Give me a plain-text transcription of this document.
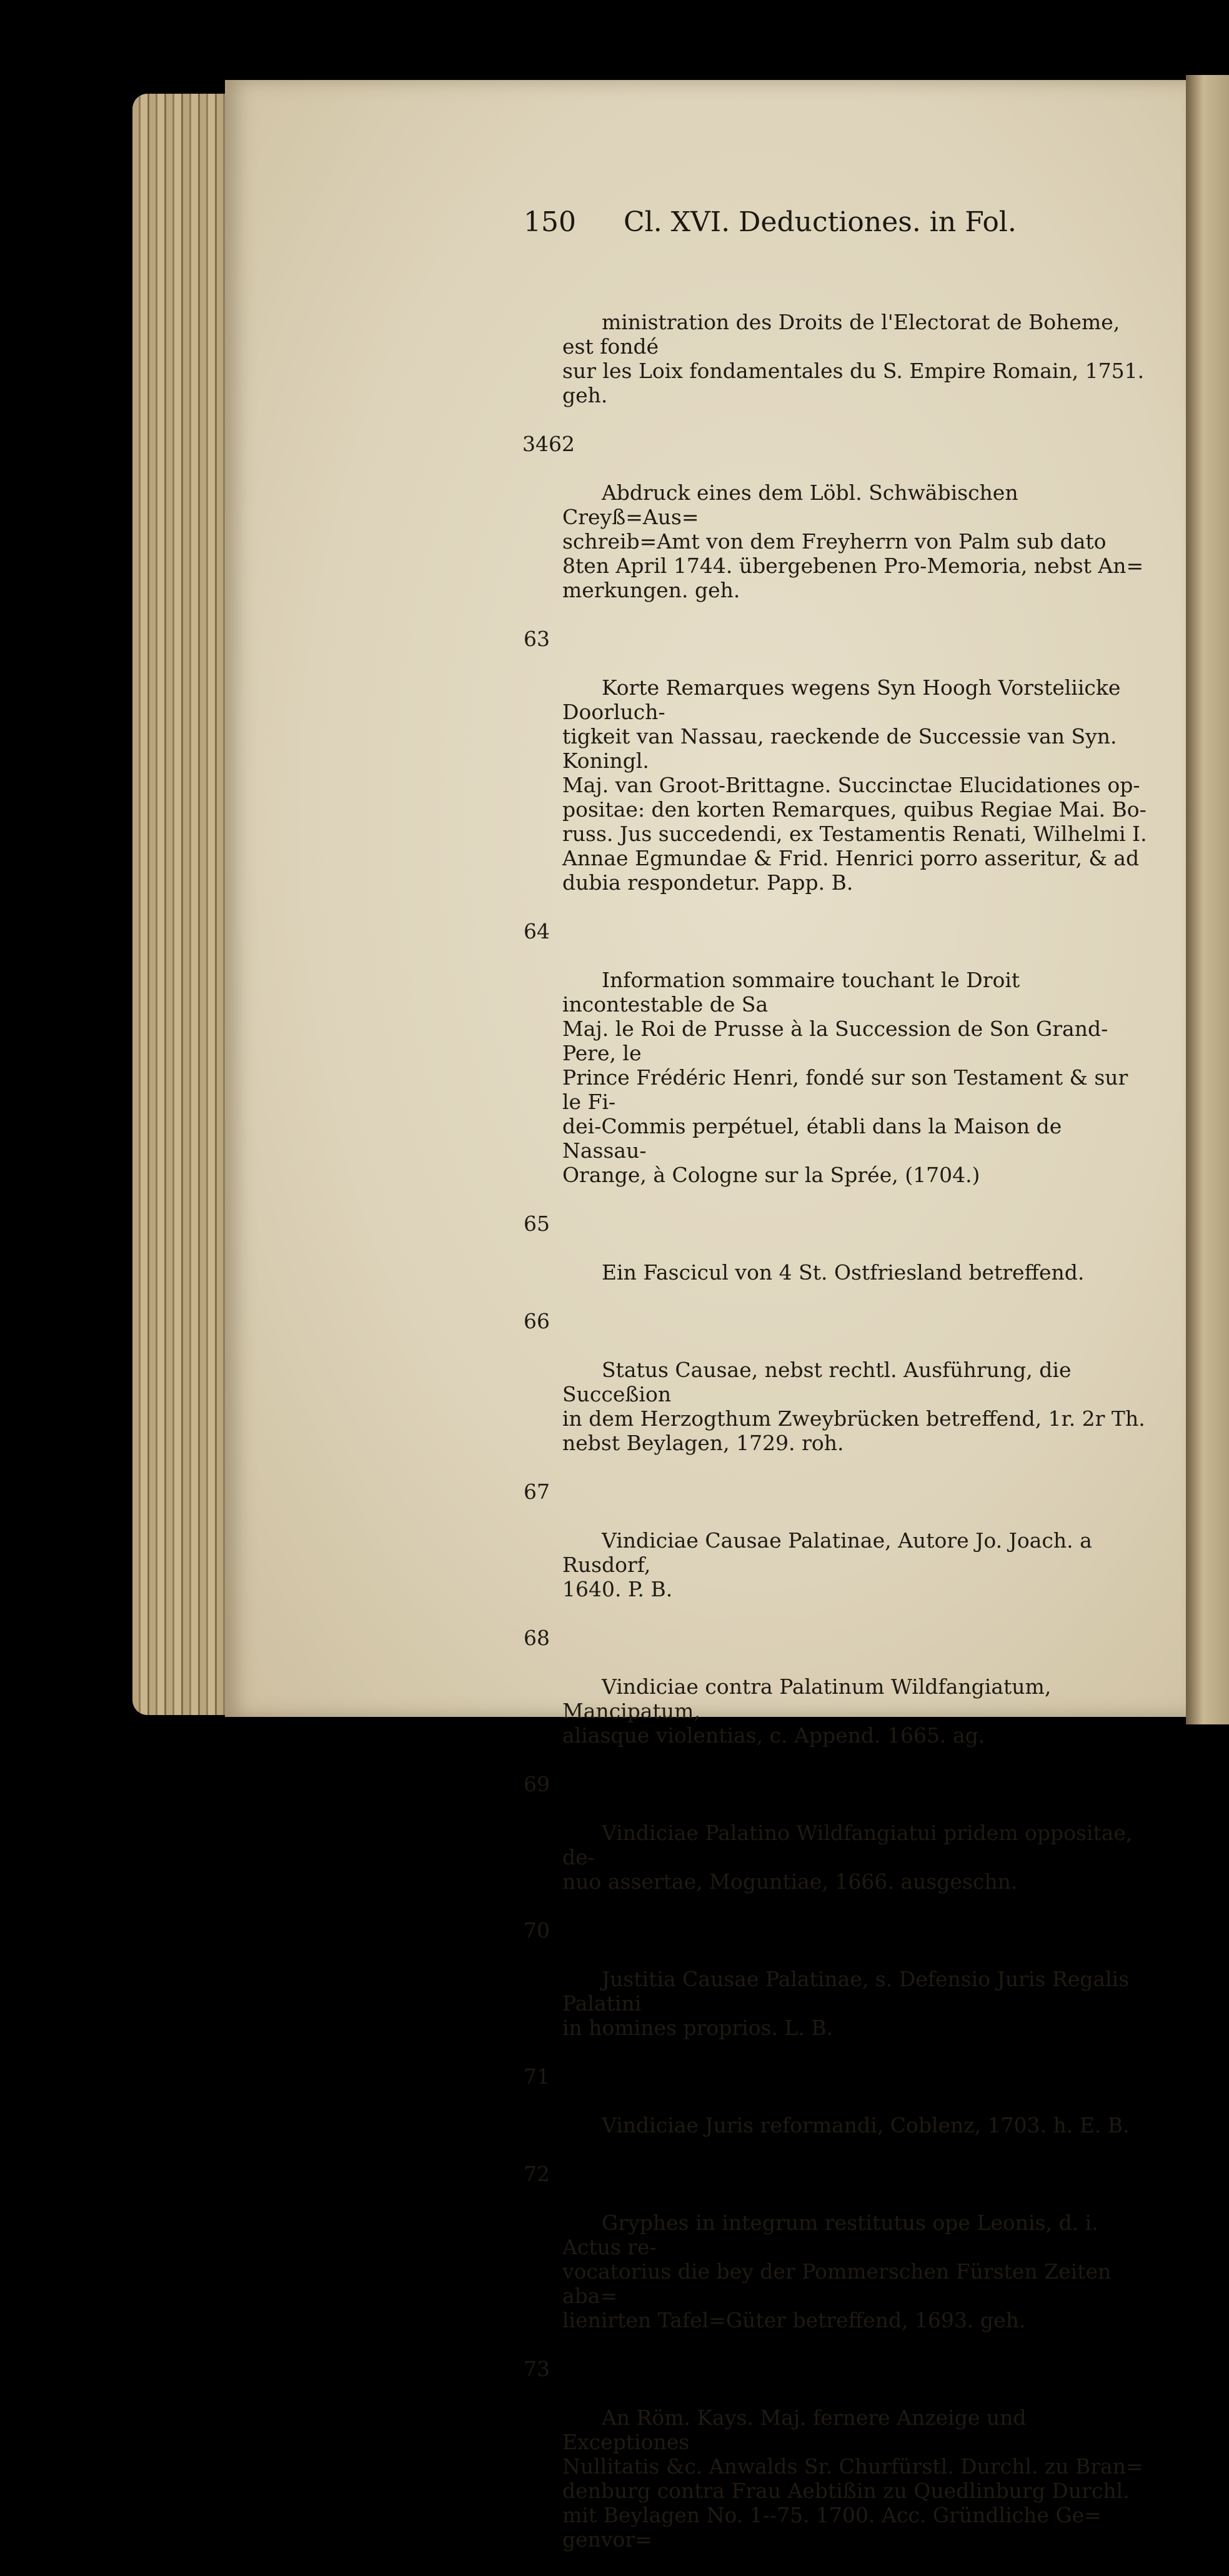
150 Cl. XVI. Deductiones. in Fol.

ministration des Droits de l'Electorat de Boheme, est fondé
sur les Loix fondamentales du S. Empire Romain, 1751.
geh.

3462

Abdruck eines dem Löbl. Schwäbischen Creyß=Aus=
schreib=Amt von dem Freyherrn von Palm sub dato
8ten April 1744. übergebenen Pro-Memoria, nebst An=
merkungen. geh.

63

Korte Remarques wegens Syn Hoogh Vorsteliicke Doorluch-
tigkeit van Nassau, raeckende de Successie van Syn. Koningl.
Maj. van Groot-Brittagne. Succinctae Elucidationes op-
positae: den korten Remarques, quibus Regiae Mai. Bo-
russ. Jus succedendi, ex Testamentis Renati, Wilhelmi I.
Annae Egmundae & Frid. Henrici porro asseritur, & ad
dubia respondetur. Papp. B.

64

Information sommaire touchant le Droit incontestable de Sa
Maj. le Roi de Prusse à la Succession de Son Grand-Pere, le
Prince Frédéric Henri, fondé sur son Testament & sur le Fi-
dei-Commis perpétuel, établi dans la Maison de Nassau-
Orange, à Cologne sur la Sprée, (1704.)

65

Ein Fascicul von 4 St. Ostfriesland betreffend.

66

Status Causae, nebst rechtl. Ausführung, die Succeßion
in dem Herzogthum Zweybrücken betreffend, 1r. 2r Th.
nebst Beylagen, 1729. roh.

67

Vindiciae Causae Palatinae, Autore Jo. Joach. a Rusdorf,
1640. P. B.

68

Vindiciae contra Palatinum Wildfangiatum, Mancipatum,
aliasque violentias, c. Append. 1665. ag.

69

Vindiciae Palatino Wildfangiatui pridem oppositae, de-
nuo assertae, Moguntiae, 1666. ausgeschn.

70

Justitia Causae Palatinae, s. Defensio Juris Regalis Palatini
in homines proprios. L. B.

71

Vindiciae Juris reformandi, Coblenz, 1703. h. E. B.

72

Gryphes in integrum restitutus ope Leonis, d. i. Actus re-
vocatorius die bey der Pommerschen Fürsten Zeiten aba=
lienirten Tafel=Güter betreffend, 1693. geh.

73

An Röm. Kays. Maj. fernere Anzeige und Exceptiones
Nullitatis &c. Anwalds Sr. Churfürstl. Durchl. zu Bran=
denburg contra Frau Aebtißin zu Quedlinburg Durchl.
mit Beylagen No. 1--75. 1700. Acc. Gründliche Ge=
genvor=
